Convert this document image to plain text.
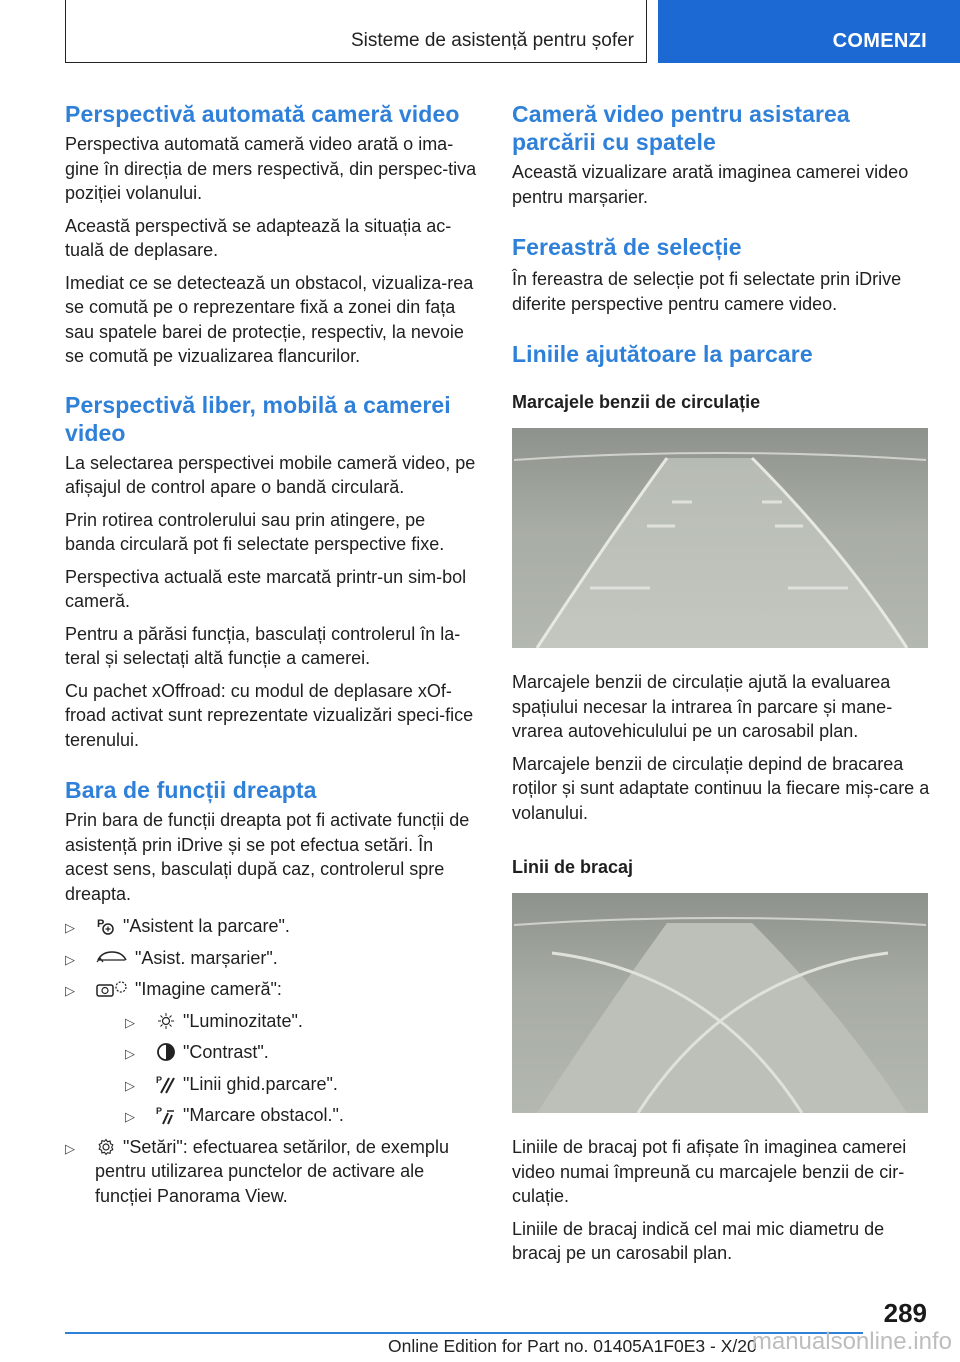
Sisteme de asistență pentru șofer	COMENZI
Perspectivă automată cameră video

Perspectiva automată cameră video arată o ima-gine în direcția de mers respectivă, din perspec-tiva poziției volanului.

Această perspectivă se adaptează la situația ac-tuală de deplasare.

Imediat ce se detectează un obstacol, vizualiza-rea se comută pe o reprezentare fixă a zonei din fața sau spatele barei de protecție, respectiv, la nevoie se comută pe vizualizarea flancurilor.

Perspectivă liber, mobilă a camerei video

La selectarea perspectivei mobile cameră video, pe afișajul de control apare o bandă circulară.

Prin rotirea controlerului sau prin atingere, pe banda circulară pot fi selectate perspective fixe.

Perspectiva actuală este marcată printr-un sim-bol cameră.

Pentru a părăsi funcția, basculați controlerul în la-teral și selectați altă funcție a camerei.

Cu pachet xOffroad: cu modul de deplasare xOf-froad activat sunt reprezentate vizualizări speci-fice terenului.

Bara de funcții dreapta

Prin bara de funcții dreapta pot fi activate funcții de asistență prin iDrive și se pot efectua setări. În acest sens, basculați după caz, controlerul spre dreapta.

▷ P "Asistent la parcare".
▷	"Asist. marșarier".
▷	"Imagine cameră":
▷	"Luminozitate".
▷	"Contrast".
▷ P "Linii ghid.parcare".
▷ P "Marcare obstacol.".
▷	"Setări": efectuarea setărilor, de exemplu pentru utilizarea punctelor de activare ale funcției Panorama View.
Cameră video pentru asistarea parcării cu spatele

Această vizualizare arată imaginea camerei video pentru marșarier.

Fereastră de selecție

În fereastra de selecție pot fi selectate prin iDrive diferite perspective pentru camere video.

Liniile ajutătoare la parcare
Marcajele benzii de circulație

Marcajele benzii de circulație ajută la evaluarea spațiului necesar la intrarea în parcare și mane-vrarea autovehiculului pe un carosabil plan.

Marcajele benzii de circulație depind de bracarea roților și sunt adaptate continuu la fiecare miș-care a volanului.

Linii de bracaj

Liniile de bracaj pot fi afișate în imaginea camerei video numai împreună cu marcajele benzii de cir-culație.

Liniile de bracaj indică cel mai mic diametru de bracaj pe un carosabil plan.

289
Online Edition for Part no. 01405A1F0E3 - X/20
manualsonline.info
